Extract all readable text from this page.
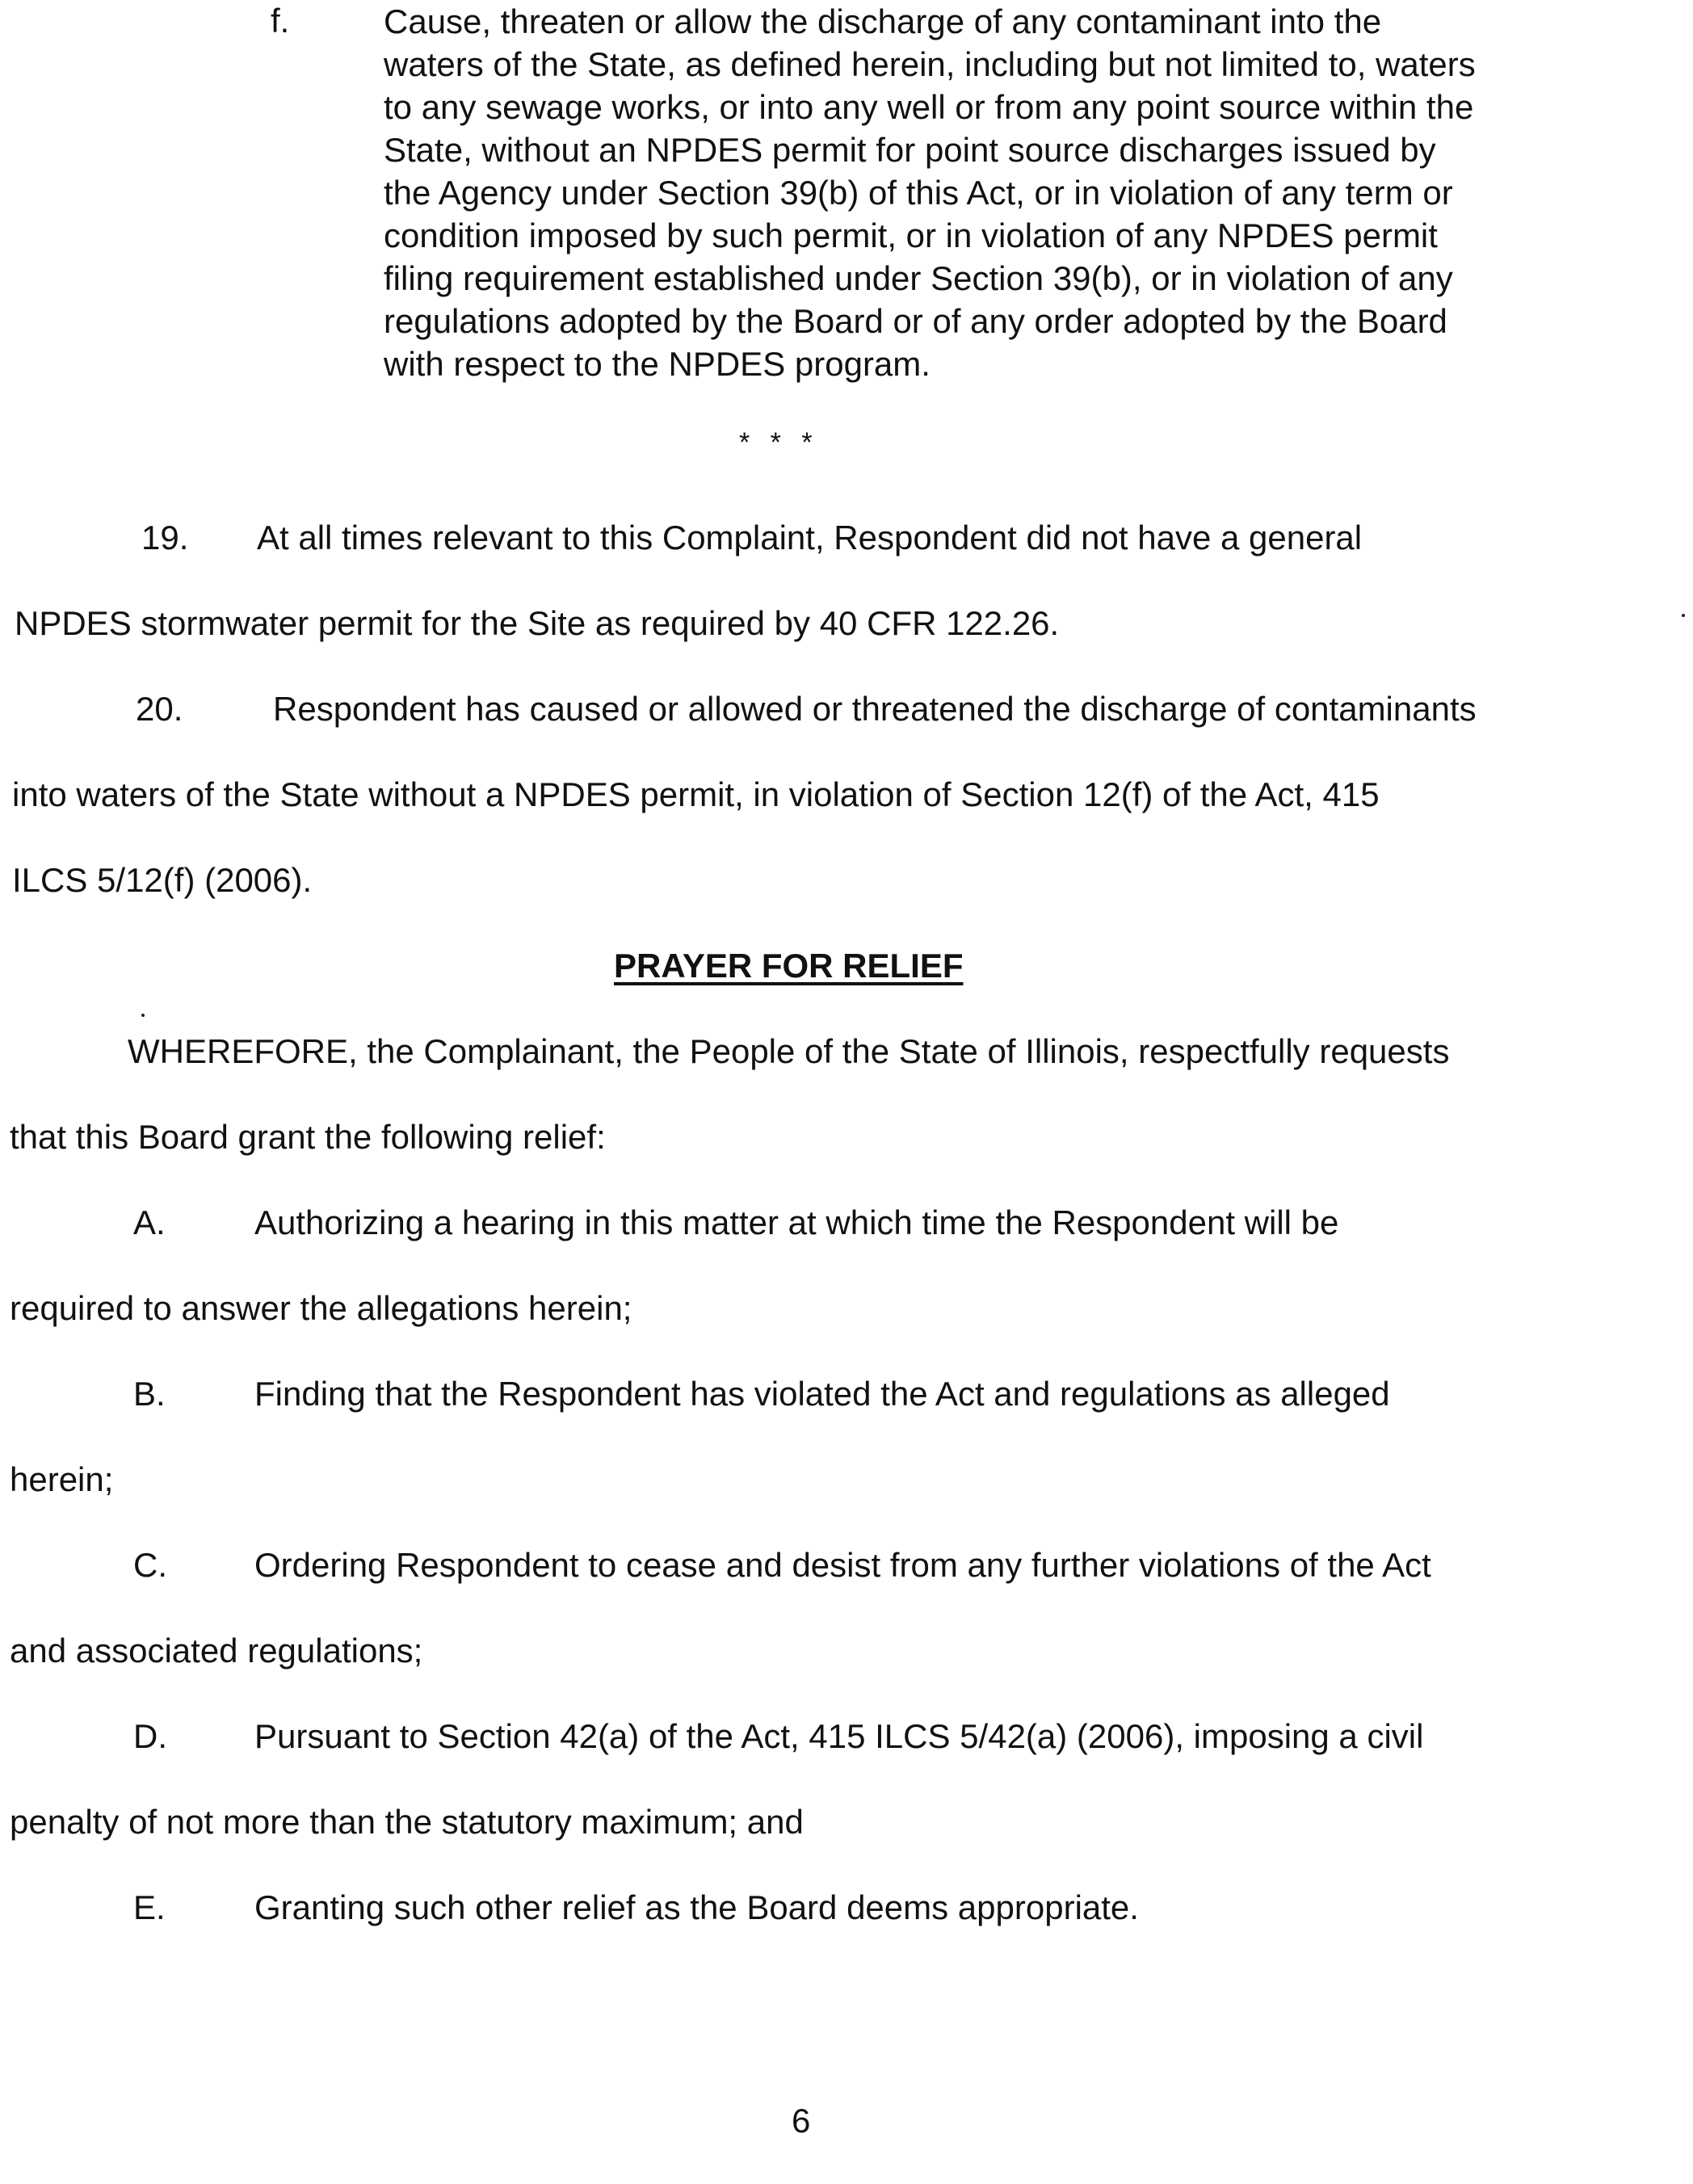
f.	Cause, threaten or allow the discharge of any contaminant into the
waters of the State, as defined herein, including but not limited to, waters
to any sewage works, or into any well or from any point source within the
State, without an NPDES permit for point source discharges issued by
the Agency under Section 39(b) of this Act, or in violation of any term or
condition imposed by such permit, or in violation of any NPDES permit
filing requirement established under Section 39(b), or in violation of any
regulations adopted by the Board or of any order adopted by the Board
with respect to the NPDES program.
* * *
19. At all times relevant to this Complaint, Respondent did not have a general
NPDES stormwater permit for the Site as required by 40 CFR 122.26.
20.	Respondent has caused or allowed or threatened the discharge of contaminants
into waters of the State without a NPDES permit, in violation of Section 12(f) of the Act, 415
ILCS 5/12(f) (2006).
PRAYER FOR RELIEF
WHEREFORE, the Complainant, the People of the State of Illinois, respectfully requests
that this Board grant the following relief:
A.	Authorizing a hearing in this matter at which time the Respondent will be
required to answer the allegations herein;
B.	Finding that the Respondent has violated the Act and regulations as alleged
herein;
C.	Ordering Respondent to cease and desist from any further violations of the Act
and associated regulations;
D.	Pursuant to Section 42(a) of the Act, 415 ILCS 5/42(a) (2006), imposing a civil
penalty of not more than the statutory maximum; and
E.	Granting such other relief as the Board deems appropriate.
6
